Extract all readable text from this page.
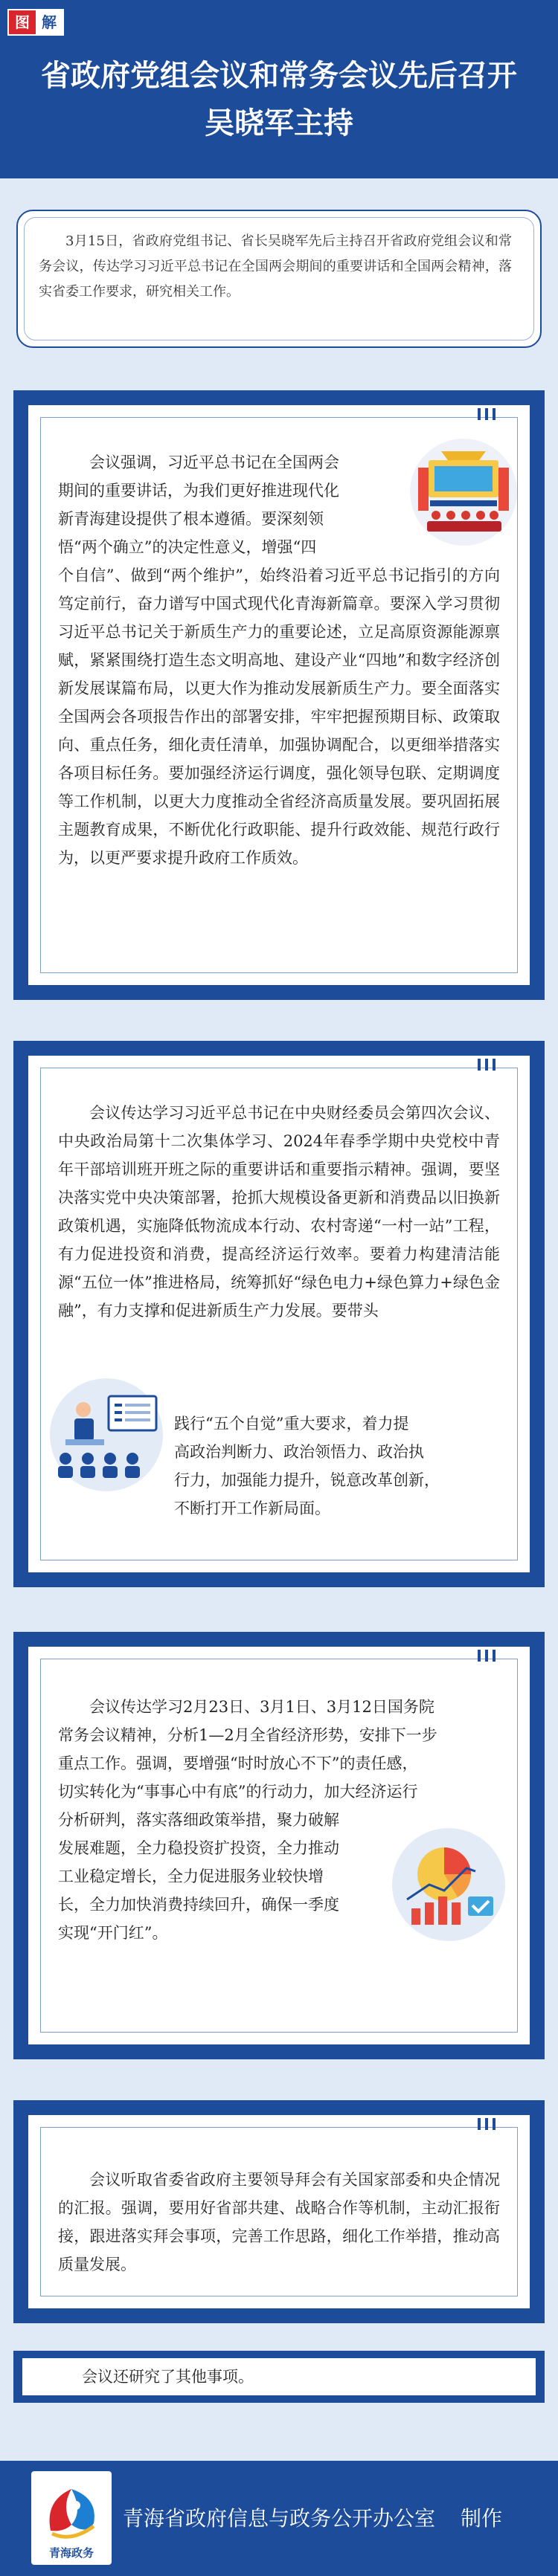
图 解
省政府党组会议和常务会议先后召开
吴晓军主持
3月15日，省政府党组书记、省长吴晓军先后主持召开省政府党组会议和常务会议，传达学习习近平总书记在全国两会期间的重要讲话和全国两会精神，落实省委工作要求，研究相关工作。
会议强调，习近平总书记在全国两会
期间的重要讲话，为我们更好推进现代化
新青海建设提供了根本遵循。要深刻领
悟“两个确立”的决定性意义，增强“四
个自信”、做到“两个维护”，始终沿着习近平总书记指引的方向笃定前行，奋力谱写中国式现代化青海新篇章。要深入学习贯彻习近平总书记关于新质生产力的重要论述，立足高原资源能源禀赋，紧紧围绕打造生态文明高地、建设产业“四地”和数字经济创新发展谋篇布局，以更大作为推动发展新质生产力。要全面落实全国两会各项报告作出的部署安排，牢牢把握预期目标、政策取向、重点任务，细化责任清单，加强协调配合，以更细举措落实各项目标任务。要加强经济运行调度，强化领导包联、定期调度等工作机制，以更大力度推动全省经济高质量发展。要巩固拓展主题教育成果，不断优化行政职能、提升行政效能、规范行政行为，以更严要求提升政府工作质效。
会议传达学习习近平总书记在中央财经委员会第四次会议、中央政治局第十二次集体学习、2024年春季学期中央党校中青年干部培训班开班之际的重要讲话和重要指示精神。强调，要坚决落实党中央决策部署，抢抓大规模设备更新和消费品以旧换新政策机遇，实施降低物流成本行动、农村寄递“一村一站”工程，有力促进投资和消费，提高经济运行效率。要着力构建清洁能源“五位一体”推进格局，统筹抓好“绿色电力+绿色算力+绿色金融”，有力支撑和促进新质生产力发展。要带头
践行“五个自觉”重大要求，着力提
高政治判断力、政治领悟力、政治执
行力，加强能力提升，锐意改革创新，
不断打开工作新局面。
会议传达学习2月23日、3月1日、3月12日国务院
常务会议精神，分析1—2月全省经济形势，安排下一步
重点工作。强调，要增强“时时放心不下”的责任感，
切实转化为“事事心中有底”的行动力，加大经济运行
分析研判，落实落细政策举措，聚力破解
发展难题，全力稳投资扩投资，全力推动
工业稳定增长，全力促进服务业较快增
长，全力加快消费持续回升，确保一季度
实现“开门红”。
会议听取省委省政府主要领导拜会有关国家部委和央企情况的汇报。强调，要用好省部共建、战略合作等机制，主动汇报衔接，跟进落实拜会事项，完善工作思路，细化工作举措，推动高质量发展。
会议还研究了其他事项。
青海政务
青海省政府信息与政务公开办公室 制作
